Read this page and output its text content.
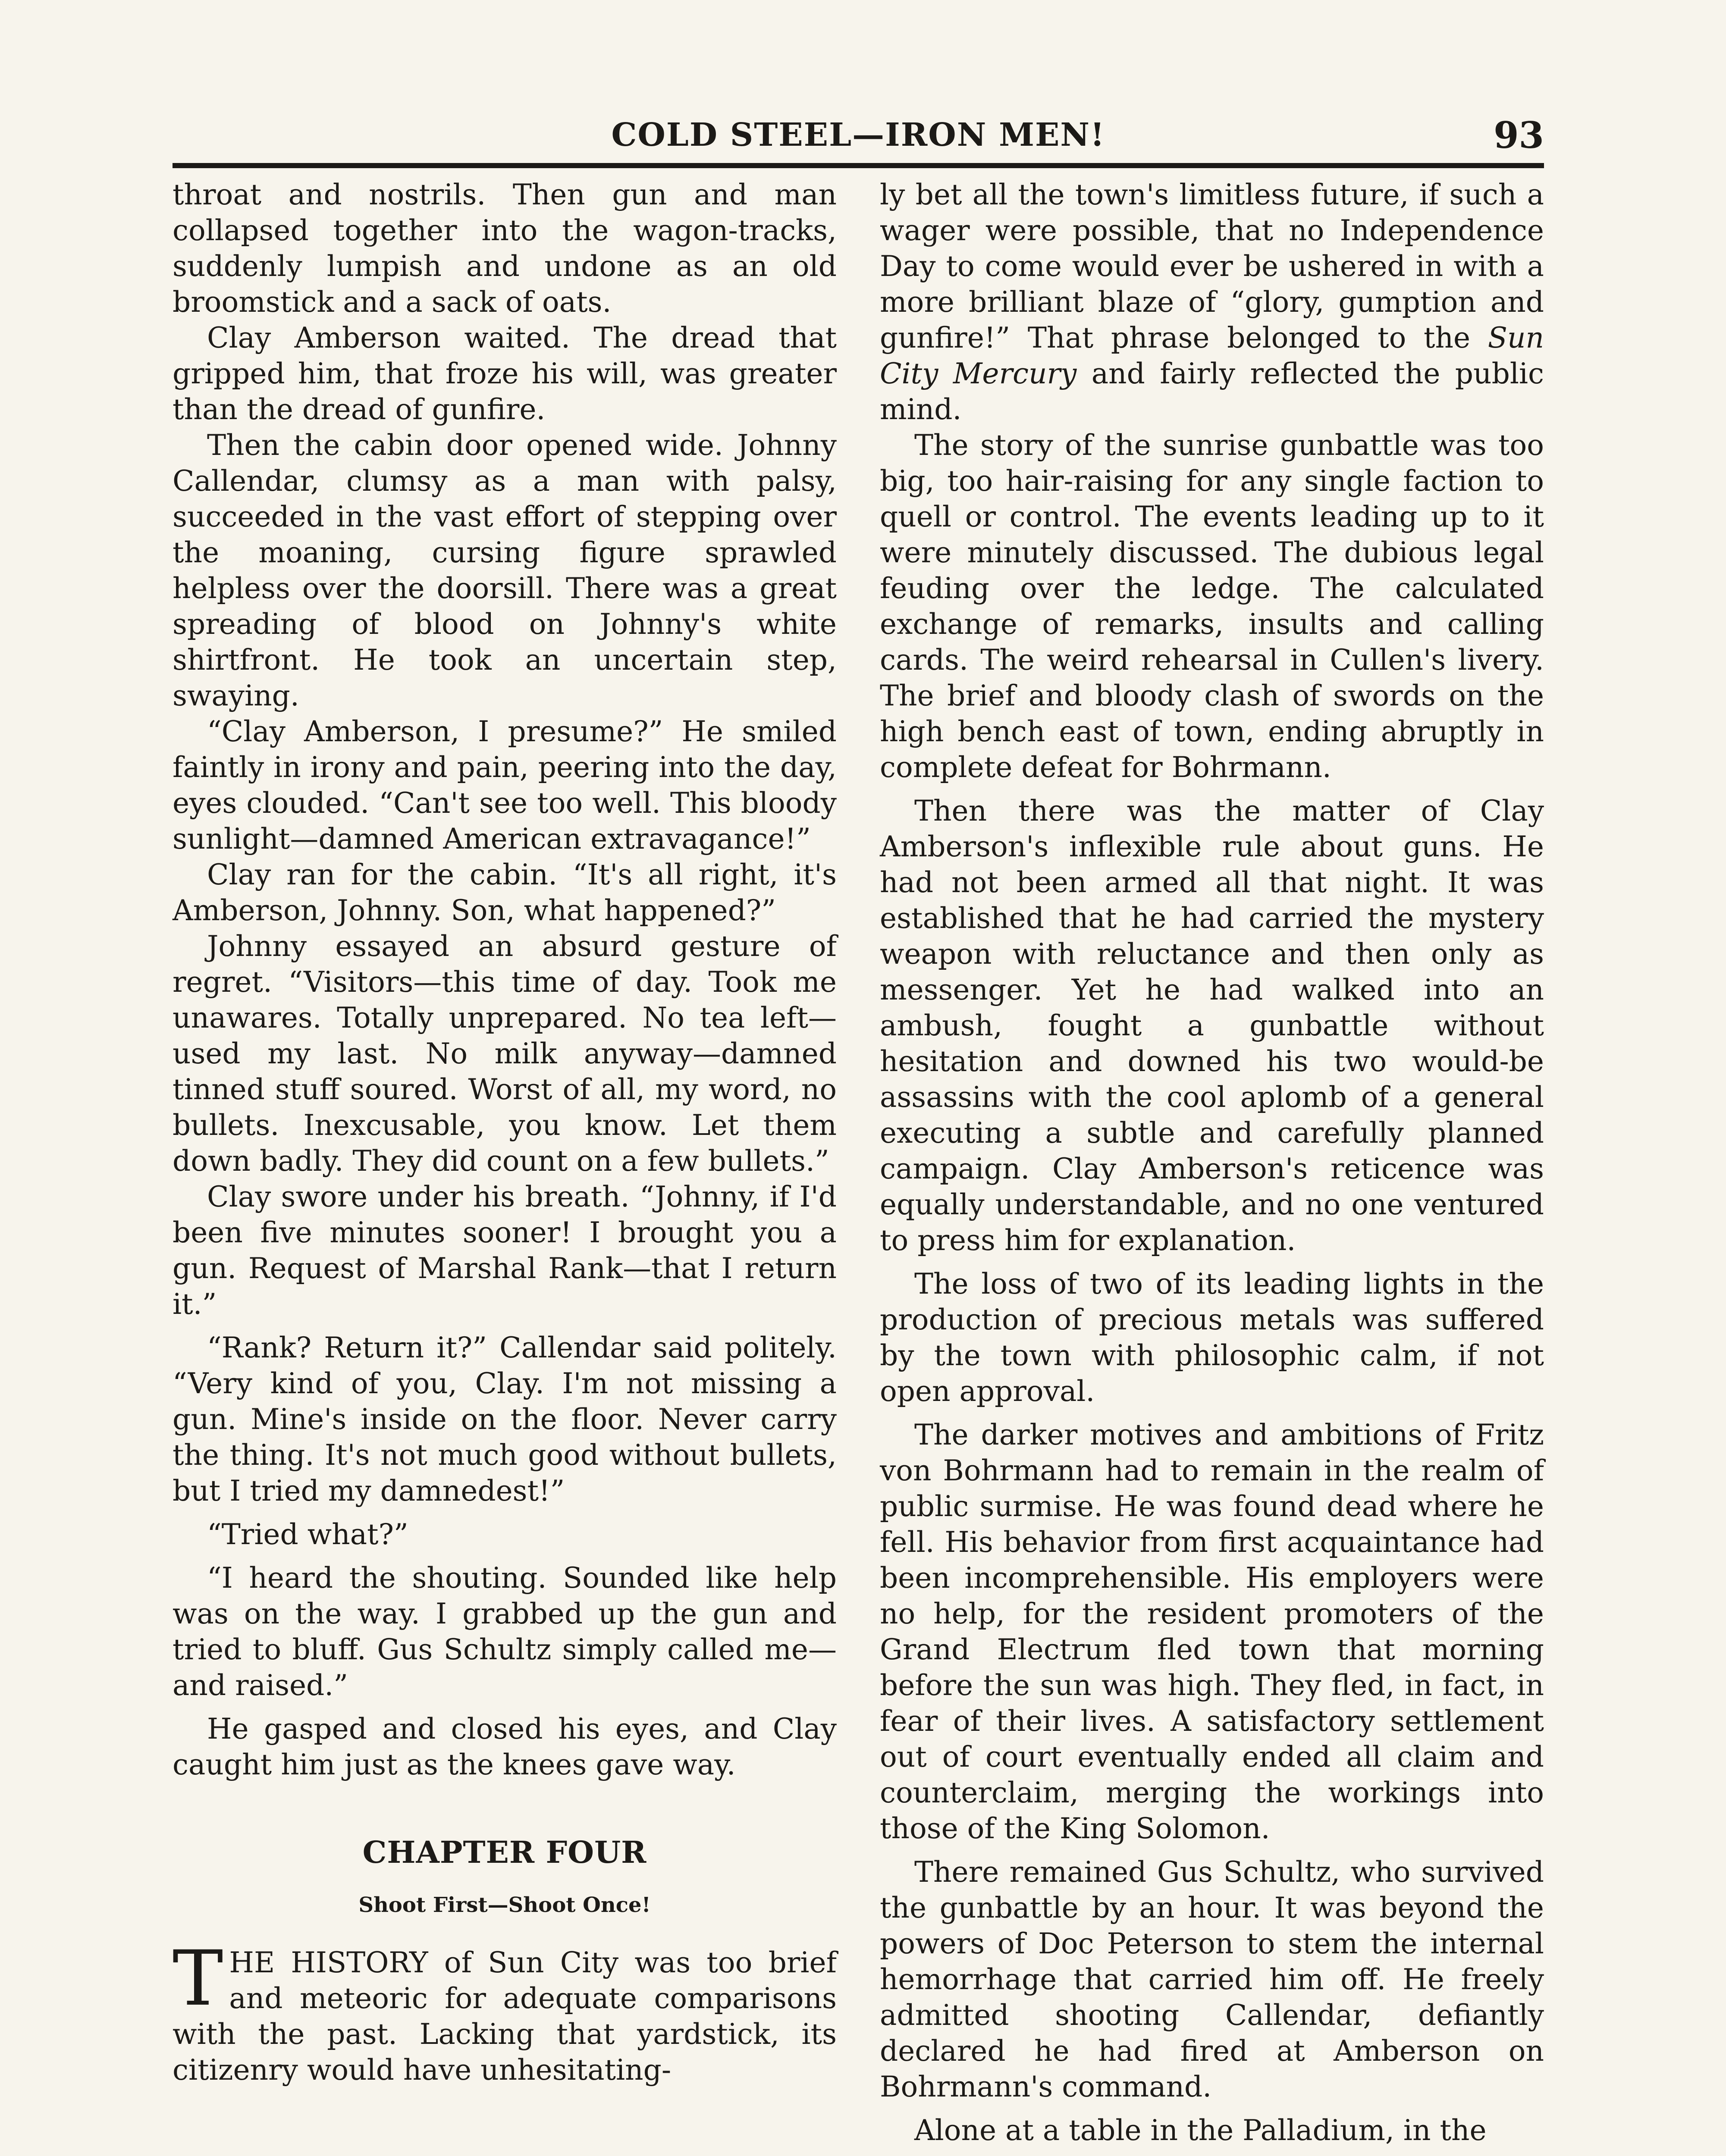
COLD STEEL—IRON MEN!	93

throat and nostrils. Then gun and man collapsed together into the wagon-tracks, suddenly lumpish and undone as an old broomstick and a sack of oats.

Clay Amberson waited. The dread that gripped him, that froze his will, was greater than the dread of gunfire.

Then the cabin door opened wide. Johnny Callendar, clumsy as a man with palsy, succeeded in the vast effort of stepping over the moaning, cursing figure sprawled helpless over the doorsill. There was a great spreading of blood on Johnny's white shirtfront. He took an uncertain step, swaying.

“Clay Amberson, I presume?” He smiled faintly in irony and pain, peering into the day, eyes clouded. “Can't see too well. This bloody sunlight—damned American extravagance!”

Clay ran for the cabin. “It's all right, it's Amberson, Johnny. Son, what happened?”

Johnny essayed an absurd gesture of regret. “Visitors—this time of day. Took me unawares. Totally unprepared. No tea left—used my last. No milk anyway—damned tinned stuff soured. Worst of all, my word, no bullets. Inexcusable, you know. Let them down badly. They did count on a few bullets.”

Clay swore under his breath. “Johnny, if I'd been five minutes sooner! I brought you a gun. Request of Marshal Rank—that I return it.”

“Rank? Return it?” Callendar said politely. “Very kind of you, Clay. I'm not missing a gun. Mine's inside on the floor. Never carry the thing. It's not much good without bullets, but I tried my damnedest!”

“Tried what?”

“I heard the shouting. Sounded like help was on the way. I grabbed up the gun and tried to bluff. Gus Schultz simply called me—and raised.”

He gasped and closed his eyes, and Clay caught him just as the knees gave way.

CHAPTER FOUR
Shoot First—Shoot Once!

THE HISTORY of Sun City was too brief and meteoric for adequate comparisons with the past. Lacking that yardstick, its citizenry would have unhesitating-

ly bet all the town's limitless future, if such a wager were possible, that no Independence Day to come would ever be ushered in with a more brilliant blaze of “glory, gumption and gunfire!” That phrase belonged to the Sun City Mercury and fairly reflected the public mind.

The story of the sunrise gunbattle was too big, too hair-raising for any single faction to quell or control. The events leading up to it were minutely discussed. The dubious legal feuding over the ledge. The calculated exchange of remarks, insults and calling cards. The weird rehearsal in Cullen's livery. The brief and bloody clash of swords on the high bench east of town, ending abruptly in complete defeat for Bohrmann.

Then there was the matter of Clay Amberson's inflexible rule about guns. He had not been armed all that night. It was established that he had carried the mystery weapon with reluctance and then only as messenger. Yet he had walked into an ambush, fought a gunbattle without hesitation and downed his two would-be assassins with the cool aplomb of a general executing a subtle and carefully planned campaign. Clay Amberson's reticence was equally understandable, and no one ventured to press him for explanation.

The loss of two of its leading lights in the production of precious metals was suffered by the town with philosophic calm, if not open approval.

The darker motives and ambitions of Fritz von Bohrmann had to remain in the realm of public surmise. He was found dead where he fell. His behavior from first acquaintance had been incomprehensible. His employers were no help, for the resident promoters of the Grand Electrum fled town that morning before the sun was high. They fled, in fact, in fear of their lives. A satisfactory settlement out of court eventually ended all claim and counterclaim, merging the workings into those of the King Solomon.

There remained Gus Schultz, who survived the gunbattle by an hour. It was beyond the powers of Doc Peterson to stem the internal hemorrhage that carried him off. He freely admitted shooting Callendar, defiantly declared he had fired at Amberson on Bohrmann's command.

Alone at a table in the Palladium, in the
